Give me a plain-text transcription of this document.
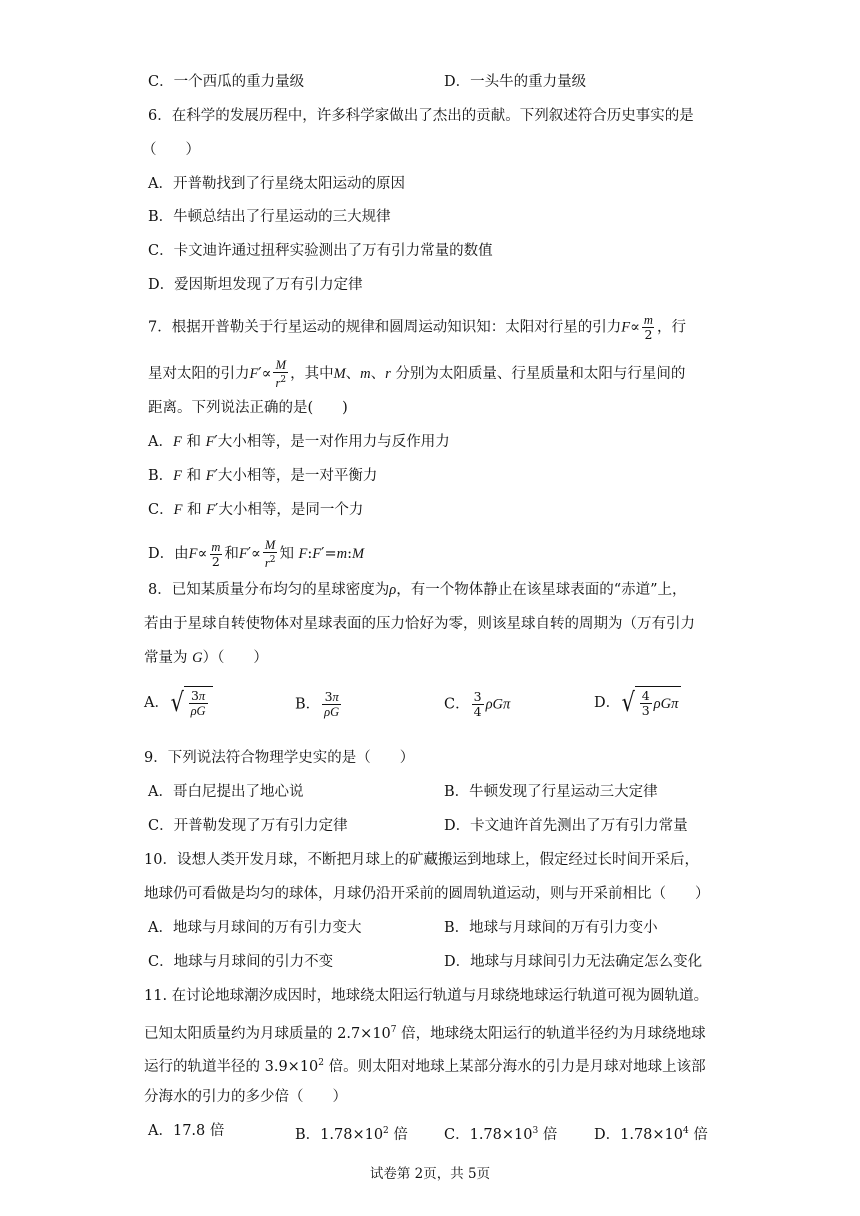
C．一个西瓜的重力量级	D．一头牛的重力量级
6．在科学的发展历程中，许多科学家做出了杰出的贡献。下列叙述符合历史事实的是
（　　）
A．开普勒找到了行星绕太阳运动的原因
B．牛顿总结出了行星运动的三大规律
C．卡文迪许通过扭秤实验测出了万有引力常量的数值
D．爱因斯坦发现了万有引力定律
7．根据开普勒关于行星运动的规律和圆周运动知识知：太阳对行星的引力$F\propto \frac{m}{2}$ ，行
星对太阳的引力$F'\propto \frac{M}{r^2}$ ，其中M、m、r 分别为太阳质量、行星质量和太阳与行星间的
距离。下列说法正确的是(　　)
A．F 和 F′大小相等，是一对作用力与反作用力
B．F 和 F′大小相等，是一对平衡力
C．F 和 F′大小相等，是同一个力
D．由$F\propto \frac{m}{2}$ 和$F'\propto \frac{M}{r^2}$ 知 F:F′=m:M
8．已知某质量分布均匀的星球密度为ρ，有一个物体静止在该星球表面的“赤道”上，
若由于星球自转使物体对星球表面的压力恰好为零，则该星球自转的周期为（万有引力
常量为 G）（　　）
A． √ $\frac{3\pi}{\rho G}$	B． $\frac{3\pi}{\rho G}$	C． $\frac{3}{4}$ ρGπ	D． √ $\frac{4}{3}$ ρGπ
9．下列说法符合物理学史实的是（　　）
A．哥白尼提出了地心说	B．牛顿发现了行星运动三大定律
C．开普勒发现了万有引力定律	D．卡文迪许首先测出了万有引力常量
10．设想人类开发月球，不断把月球上的矿藏搬运到地球上，假定经过长时间开采后，
地球仍可看做是均匀的球体，月球仍沿开采前的圆周轨道运动，则与开采前相比（　　）
A．地球与月球间的万有引力变大	B．地球与月球间的万有引力变小
C．地球与月球间的引力不变	D．地球与月球间引力无法确定怎么变化
11. 在讨论地球潮汐成因时，地球绕太阳运行轨道与月球绕地球运行轨道可视为圆轨道。
已知太阳质量约为月球质量的 $2.7\times 10^7$ 倍，地球绕太阳运行的轨道半径约为月球绕地球
运行的轨道半径的 $3.9\times 10^2$ 倍。则太阳对地球上某部分海水的引力是月球对地球上该部
分海水的引力的多少倍（　　）
A．17.8 倍	B．$1.78\times 10^2$ 倍 C．$1.78\times 10^3$ 倍	D．$1.78\times 10^4$ 倍
试卷第 2页，共 5页
